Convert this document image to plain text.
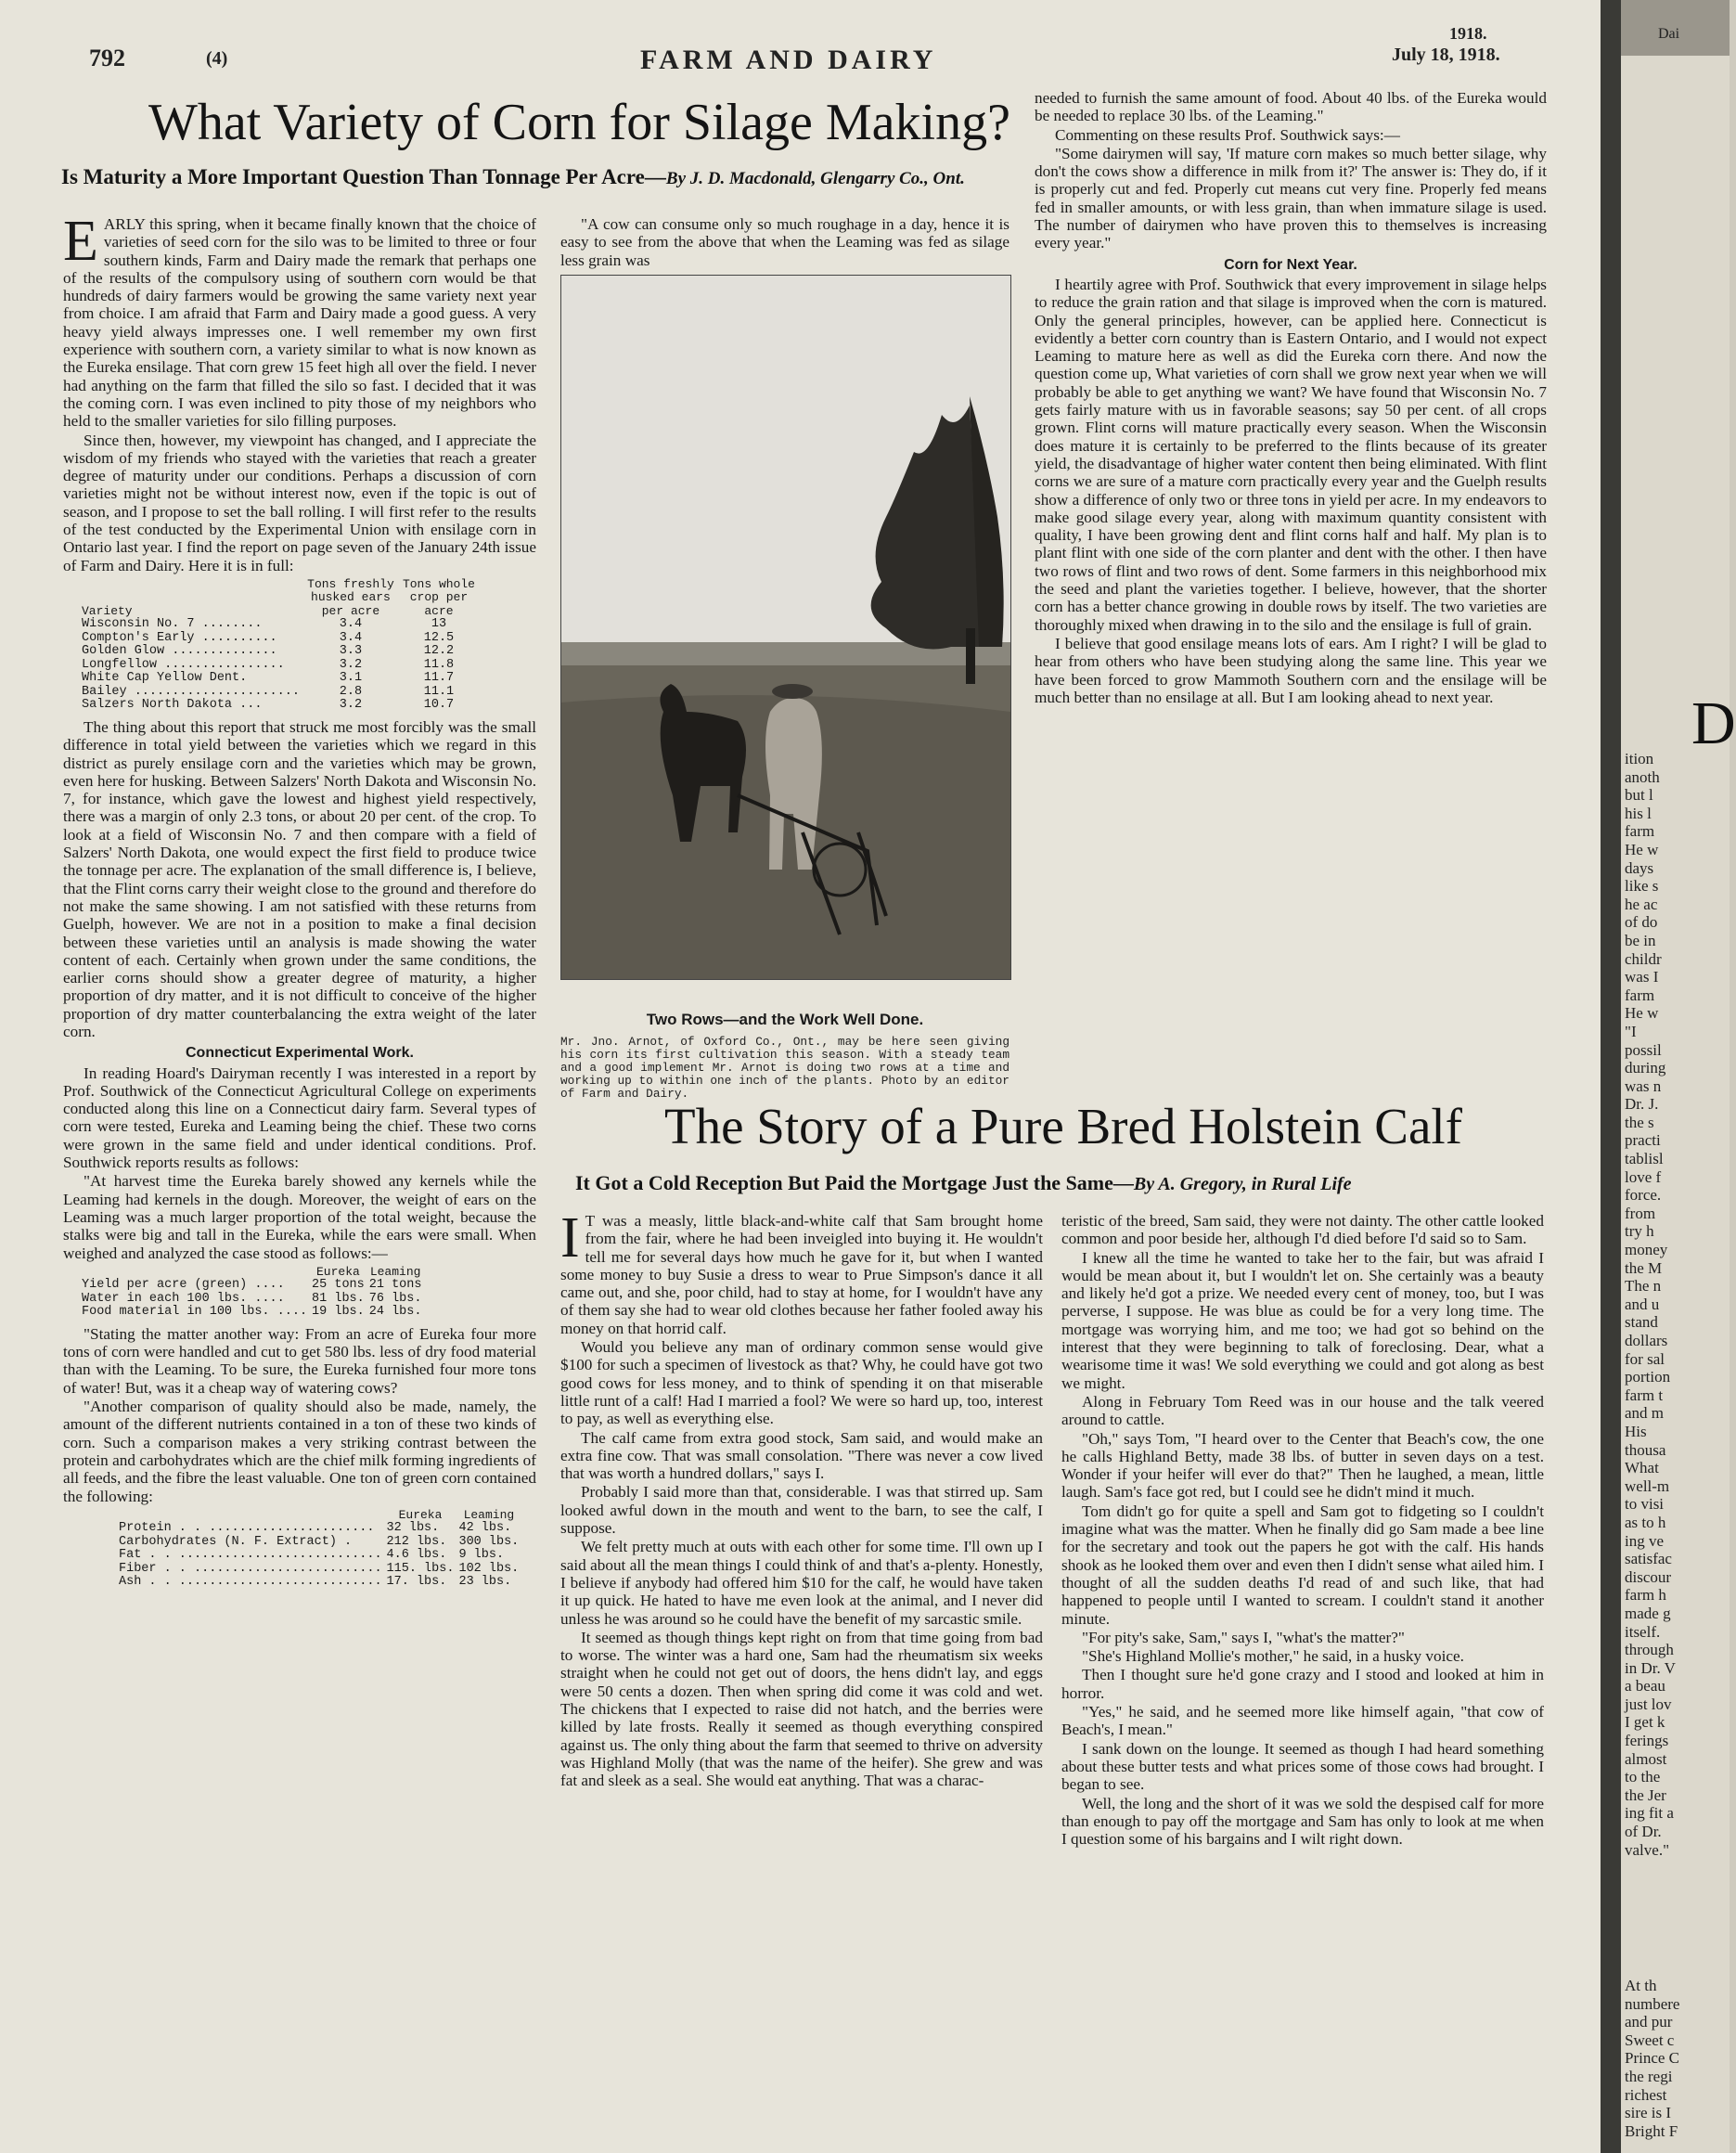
792	(4)	FARM AND DAIRY	July 18, 1918.
1918.
What Variety of Corn for Silage Making?
Is Maturity a More Important Question Than Tonnage Per Acre—By J. D. Macdonald, Glengarry Co., Ont.

EARLY this spring, when it became finally known that the choice of varieties of seed corn for the silo was to be limited to three or four southern kinds, Farm and Dairy made the remark that perhaps one of the results of the compulsory using of southern corn would be that hundreds of dairy farmers would be growing the same variety next year from choice. I am afraid that Farm and Dairy made a good guess. A very heavy yield always impresses one. I well remember my own first experience with southern corn, a variety similar to what is now known as the Eureka ensilage. That corn grew 15 feet high all over the field. I never had anything on the farm that filled the silo so fast. I decided that it was the coming corn. I was even inclined to pity those of my neighbors who held to the smaller varieties for silo filling purposes.

Since then, however, my viewpoint has changed, and I appreciate the wisdom of my friends who stayed with the varieties that reach a greater degree of maturity under our conditions. Perhaps a discussion of corn varieties might not be without interest now, even if the topic is out of season, and I propose to set the ball rolling. I will first refer to the results of the test conducted by the Experimental Union with ensilage corn in Ontario last year. I find the report on page seven of the January 24th issue of Farm and Dairy. Here it is in full:

Variety	Tons freshly husked ears per acre	Tons whole crop per acre
Wisconsin No. 7 ........	3.4	13
Compton's Early ..........	3.4	12.5
Golden Glow ..............	3.3	12.2
Longfellow ................	3.2	11.8
White Cap Yellow Dent.	3.1	11.7
Bailey ......................	2.8	11.1
Salzers North Dakota ...	3.2	10.7

The thing about this report that struck me most forcibly was the small difference in total yield between the varieties which we regard in this district as purely ensilage corn and the varieties which may be grown, even here for husking. Between Salzers' North Dakota and Wisconsin No. 7, for instance, which gave the lowest and highest yield respectively, there was a margin of only 2.3 tons, or about 20 per cent. of the crop. To look at a field of Wisconsin No. 7 and then compare with a field of Salzers' North Dakota, one would expect the first field to produce twice the tonnage per acre. The explanation of the small difference is, I believe, that the Flint corns carry their weight close to the ground and therefore do not make the same showing. I am not satisfied with these returns from Guelph, however. We are not in a position to make a final decision between these varieties until an analysis is made showing the water content of each. Certainly when grown under the same conditions, the earlier corns should show a greater degree of maturity, a higher proportion of dry matter, and it is not difficult to conceive of the higher proportion of dry matter counterbalancing the extra weight of the later corn.

Connecticut Experimental Work.

In reading Hoard's Dairyman recently I was interested in a report by Prof. Southwick of the Connecticut Agricultural College on experiments conducted along this line on a Connecticut dairy farm. Several types of corn were tested, Eureka and Leaming being the chief. These two corns were grown in the same field and under identical conditions. Prof. Southwick reports results as follows:

"At harvest time the Eureka barely showed any kernels while the Leaming had kernels in the dough. Moreover, the weight of ears on the Leaming was a much larger proportion of the total weight, because the stalks were big and tall in the Eureka, while the ears were small. When weighed and analyzed the case stood as follows:—

	Eureka	Leaming
Yield per acre (green) ....	25 tons	21 tons
Water in each 100 lbs. ....	81 lbs.	76 lbs.
Food material in 100 lbs. ....	19 lbs.	24 lbs.

"Stating the matter another way: From an acre of Eureka four more tons of corn were handled and cut to get 580 lbs. less of dry food material than with the Leaming. To be sure, the Eureka furnished four more tons of water! But, was it a cheap way of watering cows?

"Another comparison of quality should also be made, namely, the amount of the different nutrients contained in a ton of these two kinds of corn. Such a comparison makes a very striking contrast between the protein and carbohydrates which are the chief milk forming ingredients of all feeds, and the fibre the least valuable. One ton of green corn contained the following:

	Eureka	Leaming
Protein . . ......................	32 lbs.	42 lbs.
Carbohydrates (N. F. Extract) .	212 lbs.	300 lbs.
Fat . . ...........................	4.6 lbs.	9 lbs.
Fiber . . .........................	115. lbs.	102 lbs.
Ash . . ...........................	17. lbs.	23 lbs.

"A cow can consume only so much roughage in a day, hence it is easy to see from the above that when the Leaming was fed as silage less grain was

Two Rows—and the Work Well Done.
Mr. Jno. Arnot, of Oxford Co., Ont., may be here seen giving his corn its first cultivation this season. With a steady team and a good implement Mr. Arnot is doing two rows at a time and working up to within one inch of the plants. Photo by an editor of Farm and Dairy.

needed to furnish the same amount of food. About 40 lbs. of the Eureka would be needed to replace 30 lbs. of the Leaming."

Commenting on these results Prof. Southwick says:—

"Some dairymen will say, 'If mature corn makes so much better silage, why don't the cows show a difference in milk from it?' The answer is: They do, if it is properly cut and fed. Properly cut means cut very fine. Properly fed means fed in smaller amounts, or with less grain, than when immature silage is used. The number of dairymen who have proven this to themselves is increasing every year."

Corn for Next Year.

I heartily agree with Prof. Southwick that every improvement in silage helps to reduce the grain ration and that silage is improved when the corn is matured. Only the general principles, however, can be applied here. Connecticut is evidently a better corn country than is Eastern Ontario, and I would not expect Leaming to mature here as well as did the Eureka corn there. And now the question come up, What varieties of corn shall we grow next year when we will probably be able to get anything we want? We have found that Wisconsin No. 7 gets fairly mature with us in favorable seasons; say 50 per cent. of all crops grown. Flint corns will mature practically every season. When the Wisconsin does mature it is certainly to be preferred to the flints because of its greater yield, the disadvantage of higher water content then being eliminated. With flint corns we are sure of a mature corn practically every year and the Guelph results show a difference of only two or three tons in yield per acre. In my endeavors to make good silage every year, along with maximum quantity consistent with quality, I have been growing dent and flint corns half and half. My plan is to plant flint with one side of the corn planter and dent with the other. I then have two rows of flint and two rows of dent. Some farmers in this neighborhood mix the seed and plant the varieties together. I believe, however, that the shorter corn has a better chance growing in double rows by itself. The two varieties are thoroughly mixed when drawing in to the silo and the ensilage is full of grain.

I believe that good ensilage means lots of ears. Am I right? I will be glad to hear from others who have been studying along the same line. This year we have been forced to grow Mammoth Southern corn and the ensilage will be much better than no ensilage at all. But I am looking ahead to next year.

The Story of a Pure Bred Holstein Calf
It Got a Cold Reception But Paid the Mortgage Just the Same—By A. Gregory, in Rural Life

I T was a measly, little black-and-white calf that Sam brought home from the fair, where he had been inveigled into buying it. He wouldn't tell me for several days how much he gave for it, but when I wanted some money to buy Susie a dress to wear to Prue Simpson's dance it all came out, and she, poor child, had to stay at home, for I wouldn't have any of them say she had to wear old clothes because her father fooled away his money on that horrid calf.

Would you believe any man of ordinary common sense would give $100 for such a specimen of livestock as that? Why, he could have got two good cows for less money, and to think of spending it on that miserable little runt of a calf! Had I married a fool? We were so hard up, too, interest to pay, as well as everything else.

The calf came from extra good stock, Sam said, and would make an extra fine cow. That was small consolation. "There was never a cow lived that was worth a hundred dollars," says I.

Probably I said more than that, considerable. I was that stirred up. Sam looked awful down in the mouth and went to the barn, to see the calf, I suppose.

We felt pretty much at outs with each other for some time. I'll own up I said about all the mean things I could think of and that's a-plenty. Honestly, I believe if anybody had offered him $10 for the calf, he would have taken it up quick. He hated to have me even look at the animal, and I never did unless he was around so he could have the benefit of my sarcastic smile.

It seemed as though things kept right on from that time going from bad to worse. The winter was a hard one, Sam had the rheumatism six weeks straight when he could not get out of doors, the hens didn't lay, and eggs were 50 cents a dozen. Then when spring did come it was cold and wet. The chickens that I expected to raise did not hatch, and the berries were killed by late frosts. Really it seemed as though everything conspired against us. The only thing about the farm that seemed to thrive on adversity was Highland Molly (that was the name of the heifer). She grew and was fat and sleek as a seal. She would eat anything. That was a charac-

teristic of the breed, Sam said, they were not dainty. The other cattle looked common and poor beside her, although I'd died before I'd said so to Sam.

I knew all the time he wanted to take her to the fair, but was afraid I would be mean about it, but I wouldn't let on. She certainly was a beauty and likely he'd got a prize. We needed every cent of money, too, but I was perverse, I suppose. He was blue as could be for a very long time. The mortgage was worrying him, and me too; we had got so behind on the interest that they were beginning to talk of foreclosing. Dear, what a wearisome time it was! We sold everything we could and got along as best we might.

Along in February Tom Reed was in our house and the talk veered around to cattle.

"Oh," says Tom, "I heard over to the Center that Beach's cow, the one he calls Highland Betty, made 38 lbs. of butter in seven days on a test. Wonder if your heifer will ever do that?" Then he laughed, a mean, little laugh. Sam's face got red, but I could see he didn't mind it much.

Tom didn't go for quite a spell and Sam got to fidgeting so I couldn't imagine what was the matter. When he finally did go Sam made a bee line for the secretary and took out the papers he got with the calf. His hands shook as he looked them over and even then I didn't sense what ailed him. I thought of all the sudden deaths I'd read of and such like, that had happened to people until I wanted to scream. I couldn't stand it another minute.

"For pity's sake, Sam," says I, "what's the matter?"

"She's Highland Mollie's mother," he said, in a husky voice.

Then I thought sure he'd gone crazy and I stood and looked at him in horror.

"Yes," he said, and he seemed more like himself again, "that cow of Beach's, I mean."

I sank down on the lounge. It seemed as though I had heard something about these butter tests and what prices some of those cows had brought. I began to see.

Well, the long and the short of it was we sold the despised calf for more than enough to pay off the mortgage and Sam has only to look at me when I question some of his bargains and I wilt right down.

Dai
D
ition
anoth
but l
his l
farm
He w
days
like s
he ac
of do
be in
childr
was I
farm
He w
"I
possil
during
was n
Dr. J.
the s
practi
tablisl
love f
force.
from
try h
money
the M
The n
and u
stand
dollars
for sal
portion
farm t
and m
His
thousa
What
well-m
to visi
as to h
ing ve
satisfac
discour
farm h
made g
itself.
through
in Dr. V
a beau
just lov
I get k
ferings
almost
to the
the Jer
ing fit a
of Dr.
valve."
At th
numbere
and pur
Sweet c
Prince C
the regi
richest
sire is I
Bright F
